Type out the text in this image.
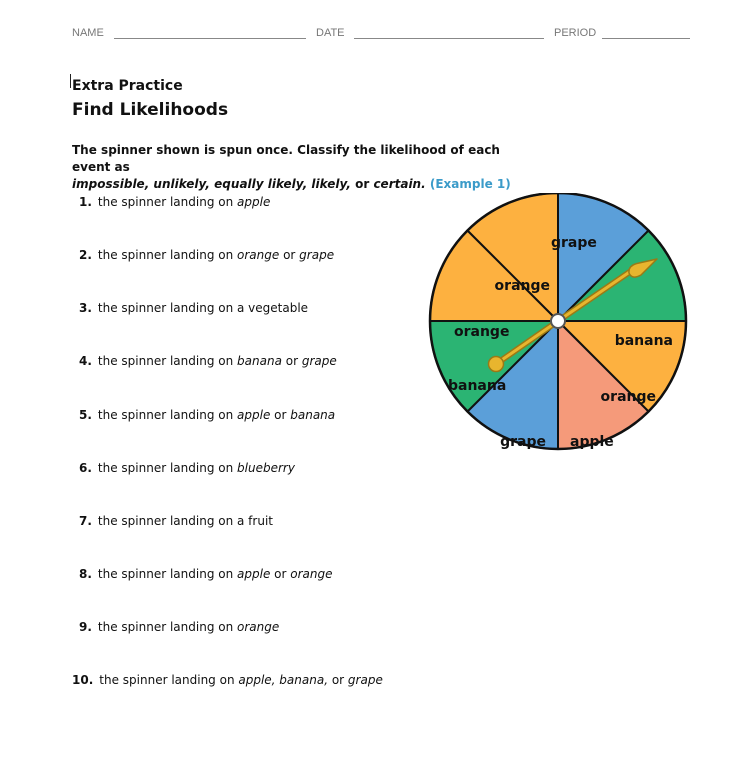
NAME	DATE	PERIOD
Extra Practice
Find Likelihoods
The spinner shown is spun once. Classify the likelihood of each event as
impossible, unlikely, equally likely, likely, or certain. (Example 1)
1. the spinner landing on apple
2. the spinner landing on orange or grape
3. the spinner landing on a vegetable
4. the spinner landing on banana or grape
5. the spinner landing on apple or banana
6. the spinner landing on blueberry
7. the spinner landing on a fruit
8. the spinner landing on apple or orange
9. the spinner landing on orange
10. the spinner landing on apple, banana, or grape
grape
banana
orange
apple
grape
banana
orange
orange
